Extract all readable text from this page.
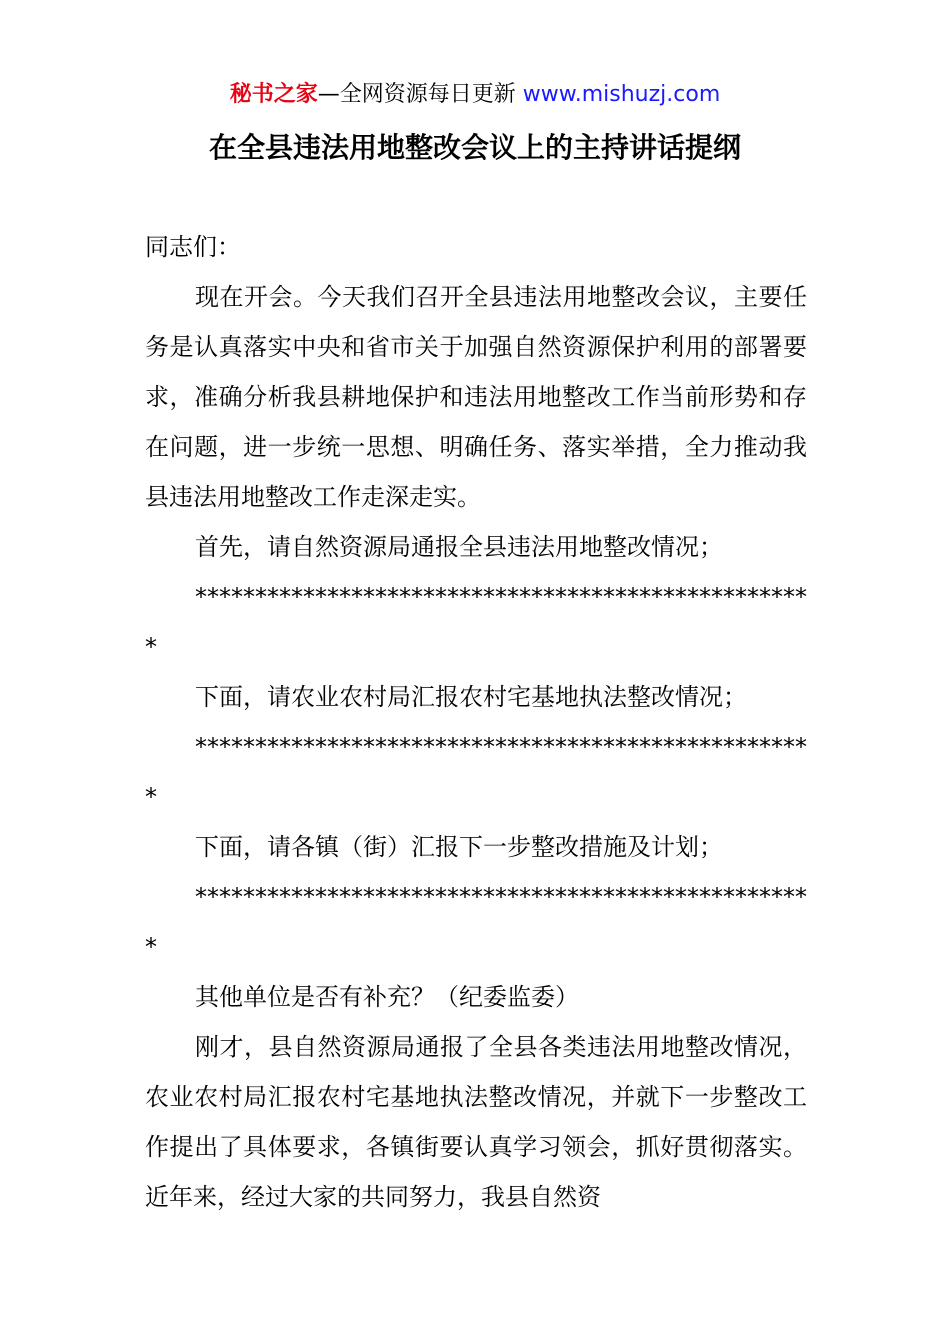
秘书之家—全网资源每日更新 www.mishuzj.com
在全县违法用地整改会议上的主持讲话提纲

同志们：

现在开会。今天我们召开全县违法用地整改会议，主要任务是认真落实中央和省市关于加强自然资源保护利用的部署要求，准确分析我县耕地保护和违法用地整改工作当前形势和存在问题，进一步统一思想、明确任务、落实举措，全力推动我县违法用地整改工作走深走实。

首先，请自然资源局通报全县违法用地整改情况；

****************************************************

下面，请农业农村局汇报农村宅基地执法整改情况；

****************************************************

下面，请各镇（街）汇报下一步整改措施及计划；

****************************************************

其他单位是否有补充？（纪委监委）

刚才，县自然资源局通报了全县各类违法用地整改情况，农业农村局汇报农村宅基地执法整改情况，并就下一步整改工作提出了具体要求，各镇街要认真学习领会，抓好贯彻落实。近年来，经过大家的共同努力，我县自然资
